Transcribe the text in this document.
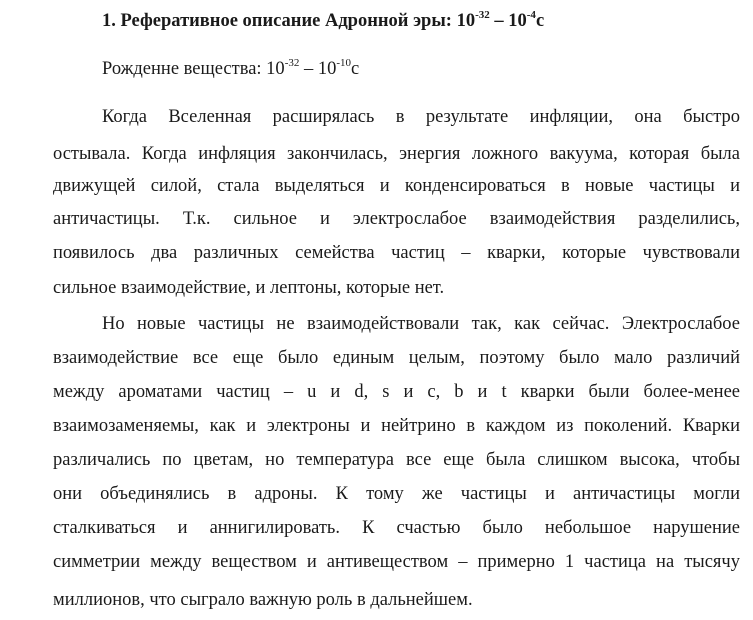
1. Реферативное описание Адронной эры: $10^{-32} - 10^{-4}с$
Рожденне вещества: $10^{-32} - 10^{-10}с$
Когда Вселенная расширялась в результате инфляции, она быстро
остывала. Когда инфляция закончилась, энергия ложного вакуума, которая была
движущей силой, стала выделяться и конденсироваться в новые частицы и
античастицы. Т.к. сильное и электрослабое взаимодействия разделились,
появилось два различных семейства частиц – кварки, которые чувствовали
сильное взаимодействие, и лептоны, которые нет.
Но новые частицы не взаимодействовали так, как сейчас. Электрослабое
взаимодействие все еще было единым целым, поэтому было мало различий
между ароматами частиц – u и d, s и c, b и t кварки были более-менее
взаимозаменяемы, как и электроны и нейтрино в каждом из поколений. Кварки
различались по цветам, но температура все еще была слишком высока, чтобы
они объединялись в адроны. К тому же частицы и античастицы могли
сталкиваться и аннигилировать. К счастью было небольшое нарушение
симметрии между веществом и антивеществом – примерно 1 частица на тысячу
миллионов, что сыграло важную роль в дальнейшем.
